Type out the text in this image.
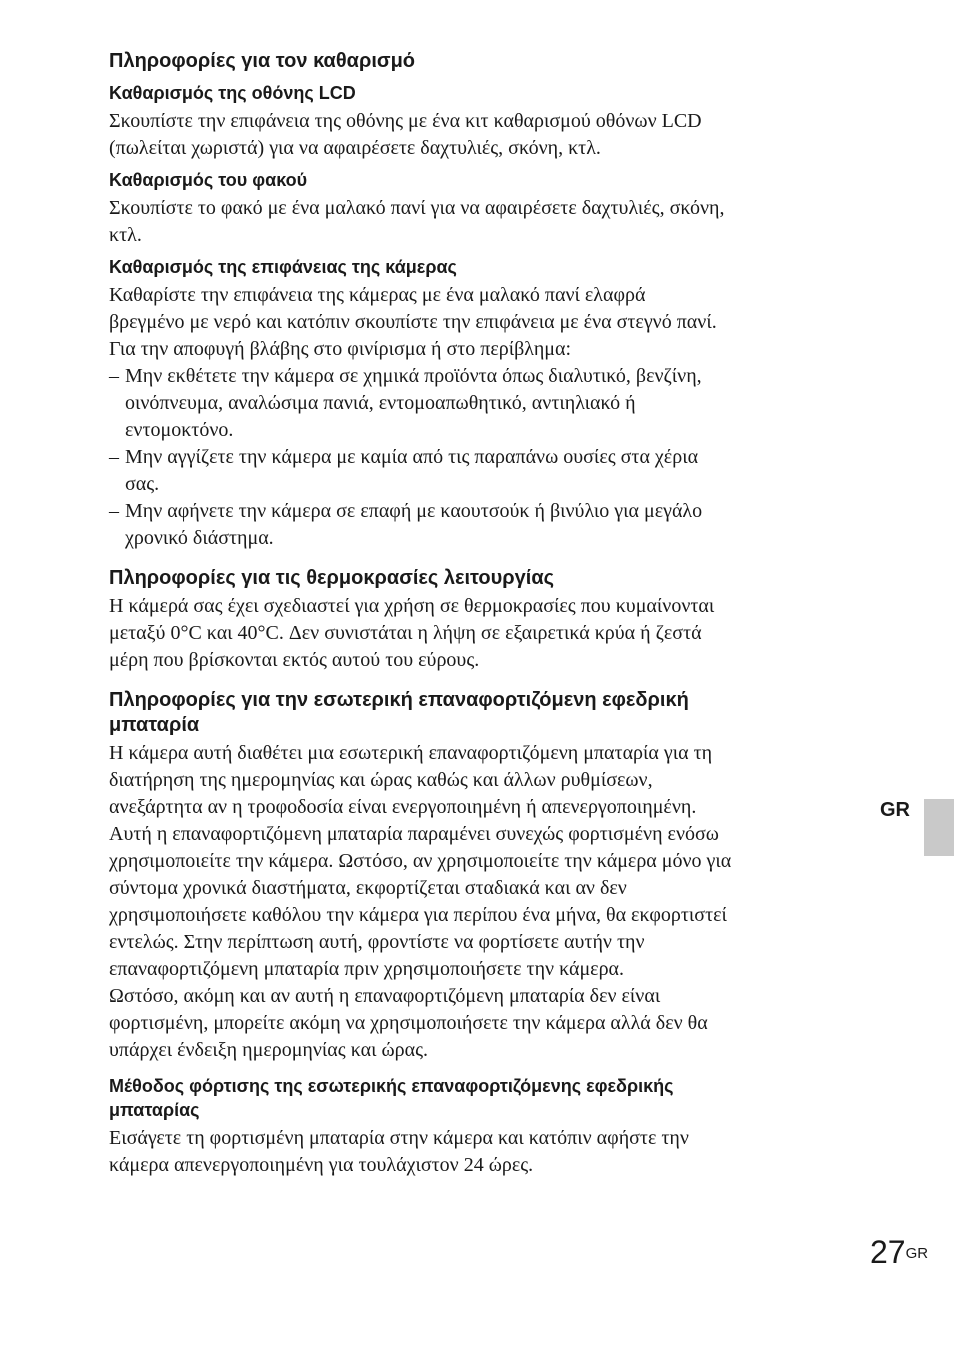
Πληροφορίες για τον καθαρισμό
Καθαρισμός της οθόνης LCD
Σκουπίστε την επιφάνεια της οθόνης με ένα κιτ καθαρισμού οθόνων LCD
(πωλείται χωριστά) για να αφαιρέσετε δαχτυλιές, σκόνη, κτλ.
Καθαρισμός του φακού
Σκουπίστε το φακό με ένα μαλακό πανί για να αφαιρέσετε δαχτυλιές, σκόνη,
κτλ.
Καθαρισμός της επιφάνειας της κάμερας
Καθαρίστε την επιφάνεια της κάμερας με ένα μαλακό πανί ελαφρά
βρεγμένο με νερό και κατόπιν σκουπίστε την επιφάνεια με ένα στεγνό πανί.
Για την αποφυγή βλάβης στο φινίρισμα ή στο περίβλημα:
– Μην εκθέτετε την κάμερα σε χημικά προϊόντα όπως διαλυτικό, βενζίνη,
οινόπνευμα, αναλώσιμα πανιά, εντομοαπωθητικό, αντιηλιακό ή
εντομοκτόνο.
– Μην αγγίζετε την κάμερα με καμία από τις παραπάνω ουσίες στα χέρια
σας.
– Μην αφήνετε την κάμερα σε επαφή με καουτσούκ ή βινύλιο για μεγάλο
χρονικό διάστημα.
Πληροφορίες για τις θερμοκρασίες λειτουργίας
Η κάμερά σας έχει σχεδιαστεί για χρήση σε θερμοκρασίες που κυμαίνονται
μεταξύ 0°C και 40°C. Δεν συνιστάται η λήψη σε εξαιρετικά κρύα ή ζεστά
μέρη που βρίσκονται εκτός αυτού του εύρους.
Πληροφορίες για την εσωτερική επαναφορτιζόμενη εφεδρική
μπαταρία
Η κάμερα αυτή διαθέτει μια εσωτερική επαναφορτιζόμενη μπαταρία για τη
διατήρηση της ημερομηνίας και ώρας καθώς και άλλων ρυθμίσεων,
ανεξάρτητα αν η τροφοδοσία είναι ενεργοποιημένη ή απενεργοποιημένη.
Αυτή η επαναφορτιζόμενη μπαταρία παραμένει συνεχώς φορτισμένη ενόσω
χρησιμοποιείτε την κάμερα. Ωστόσο, αν χρησιμοποιείτε την κάμερα μόνο για
σύντομα χρονικά διαστήματα, εκφορτίζεται σταδιακά και αν δεν
χρησιμοποιήσετε καθόλου την κάμερα για περίπου ένα μήνα, θα εκφορτιστεί
εντελώς. Στην περίπτωση αυτή, φροντίστε να φορτίσετε αυτήν την
επαναφορτιζόμενη μπαταρία πριν χρησιμοποιήσετε την κάμερα.
Ωστόσο, ακόμη και αν αυτή η επαναφορτιζόμενη μπαταρία δεν είναι
φορτισμένη, μπορείτε ακόμη να χρησιμοποιήσετε την κάμερα αλλά δεν θα
υπάρχει ένδειξη ημερομηνίας και ώρας.
Μέθοδος φόρτισης της εσωτερικής επαναφορτιζόμενης εφεδρικής
μπαταρίας
Εισάγετε τη φορτισμένη μπαταρία στην κάμερα και κατόπιν αφήστε την
κάμερα απενεργοποιημένη για τουλάχιστον 24 ώρες.
GR
$27^{GR}$
